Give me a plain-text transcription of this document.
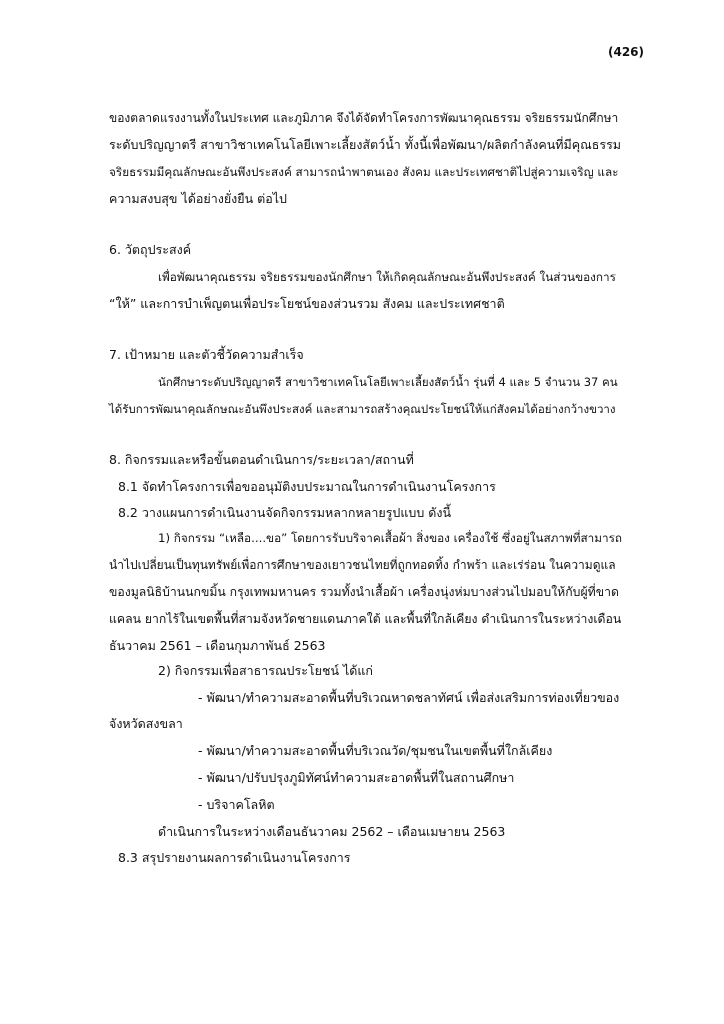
(426)
ของตลาดแรงงานทั้งในประเทศ และภูมิภาค จึงได้จัดทำโครงการพัฒนาคุณธรรม จริยธรรมนักศึกษา
ระดับปริญญาตรี สาขาวิชาเทคโนโลยีเพาะเลี้ยงสัตว์น้ำ ทั้งนี้เพื่อพัฒนา/ผลิตกำลังคนที่มีคุณธรรม
จริยธรรมมีคุณลักษณะอันพึงประสงค์ สามารถนำพาตนเอง สังคม และประเทศชาติไปสู่ความเจริญ และ
ความสงบสุข ได้อย่างยั่งยืน ต่อไป
6. วัตถุประสงค์
เพื่อพัฒนาคุณธรรม จริยธรรมของนักศึกษา ให้เกิดคุณลักษณะอันพึงประสงค์ ในส่วนของการ
“ให้” และการบำเพ็ญตนเพื่อประโยชน์ของส่วนรวม สังคม และประเทศชาติ
7. เป้าหมาย และตัวชี้วัดความสำเร็จ
นักศึกษาระดับปริญญาตรี สาขาวิชาเทคโนโลยีเพาะเลี้ยงสัตว์น้ำ รุ่นที่ 4 และ 5 จำนวน 37 คน
ได้รับการพัฒนาคุณลักษณะอันพึงประสงค์ และสามารถสร้างคุณประโยชน์ให้แก่สังคมได้อย่างกว้างขวาง
8. กิจกรรมและหรือขั้นตอนดำเนินการ/ระยะเวลา/สถานที่
8.1 จัดทำโครงการเพื่อขออนุมัติงบประมาณในการดำเนินงานโครงการ
8.2 วางแผนการดำเนินงานจัดกิจกรรมหลากหลายรูปแบบ ดังนี้
1) กิจกรรม “เหลือ....ขอ” โดยการรับบริจาคเสื้อผ้า สิ่งของ เครื่องใช้ ซึ่งอยู่ในสภาพที่สามารถ
นำไปเปลี่ยนเป็นทุนทรัพย์เพื่อการศึกษาของเยาวชนไทยที่ถูกทอดทิ้ง กำพร้า และเร่ร่อน ในความดูแล
ของมูลนิธิบ้านนกขมิ้น กรุงเทพมหานคร รวมทั้งนำเสื้อผ้า เครื่องนุ่งห่มบางส่วนไปมอบให้กับผู้ที่ขาด
แคลน ยากไร้ในเขตพื้นที่สามจังหวัดชายแดนภาคใต้ และพื้นที่ใกล้เคียง ดำเนินการในระหว่างเดือน
ธันวาคม 2561 – เดือนกุมภาพันธ์ 2563
2) กิจกรรมเพื่อสาธารณประโยชน์ ได้แก่
- พัฒนา/ทำความสะอาดพื้นที่บริเวณหาดชลาทัศน์ เพื่อส่งเสริมการท่องเที่ยวของ
จังหวัดสงขลา
- พัฒนา/ทำความสะอาดพื้นที่บริเวณวัด/ชุมชนในเขตพื้นที่ใกล้เคียง
- พัฒนา/ปรับปรุงภูมิทัศน์ทำความสะอาดพื้นที่ในสถานศึกษา
- บริจาคโลหิต
ดำเนินการในระหว่างเดือนธันวาคม 2562 – เดือนเมษายน 2563
8.3 สรุปรายงานผลการดำเนินงานโครงการ
